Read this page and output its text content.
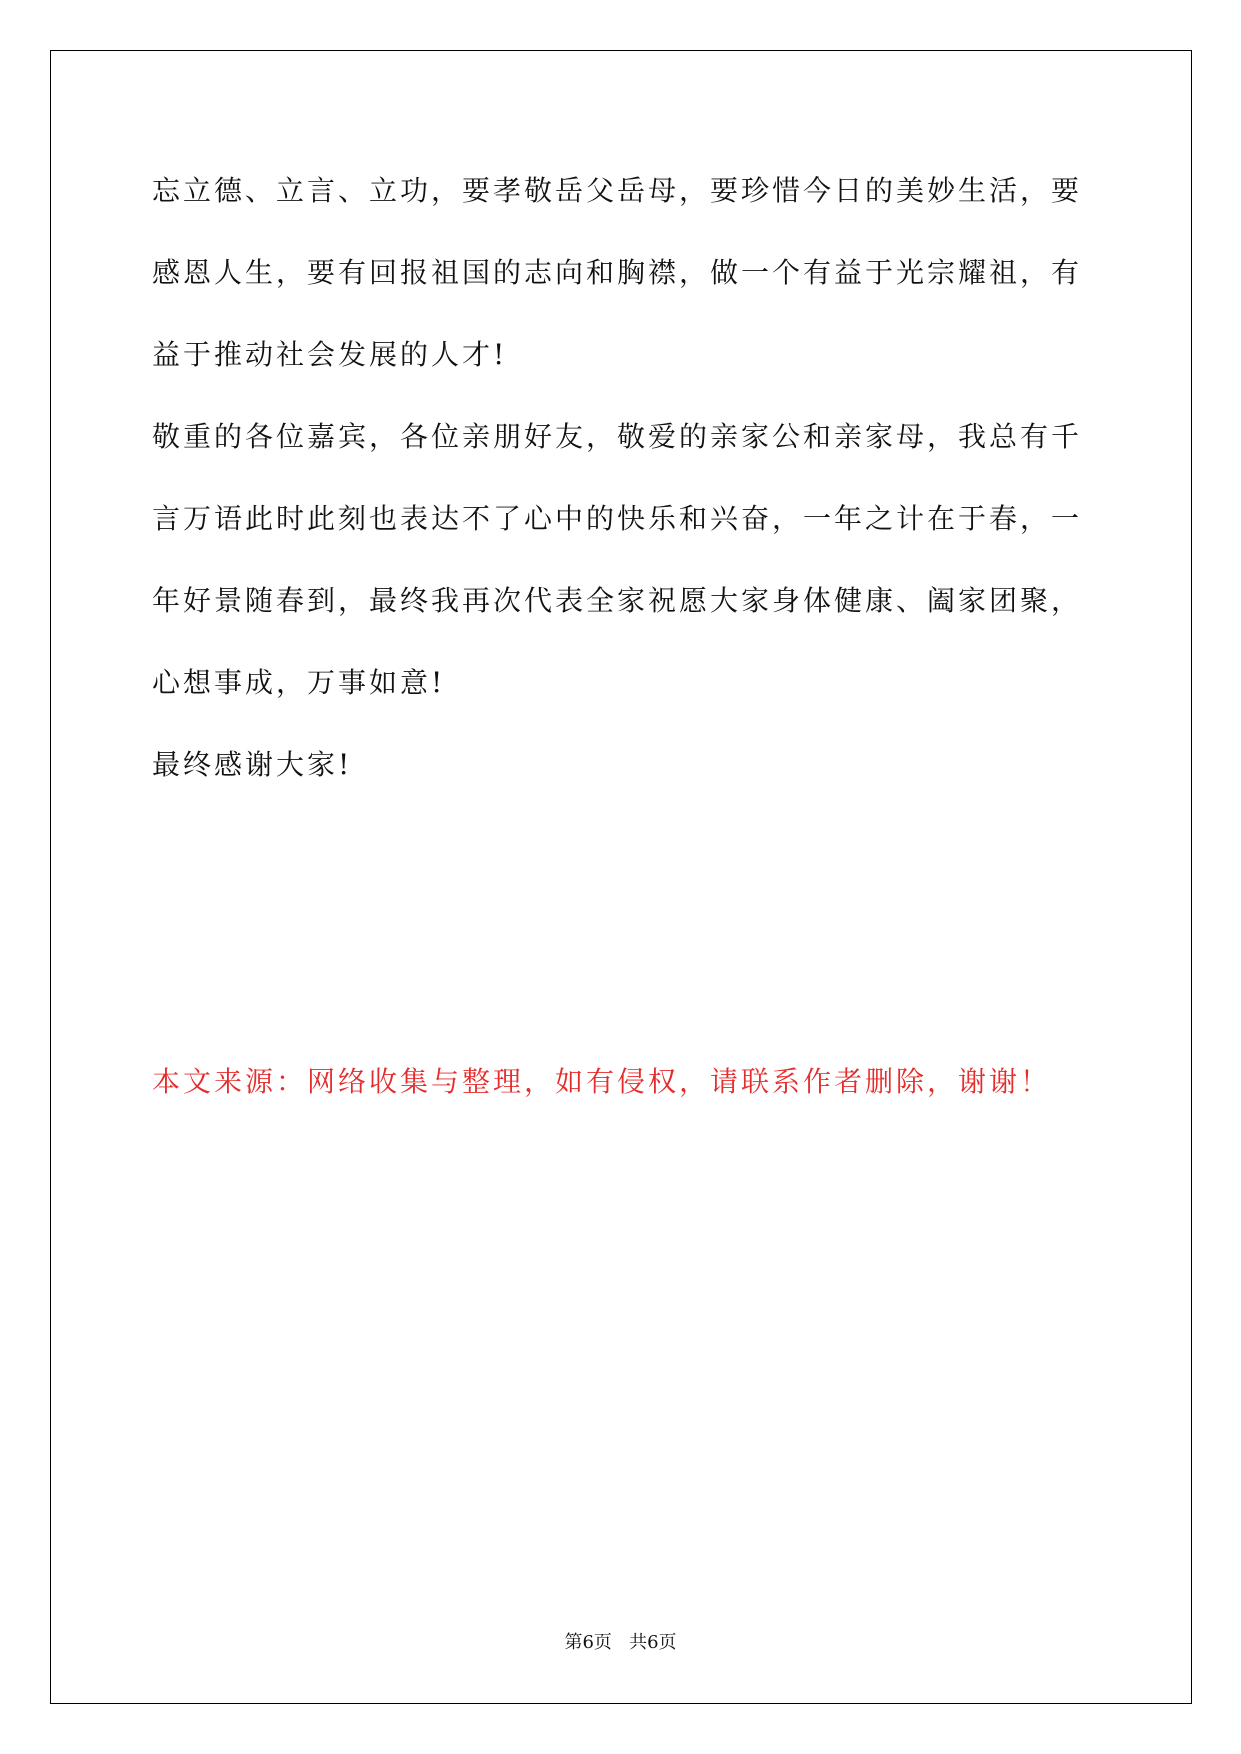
忘立德、立言、立功，要孝敬岳父岳母，要珍惜今日的美妙生活，要
感恩人生，要有回报祖国的志向和胸襟，做一个有益于光宗耀祖，有
益于推动社会发展的人才!
敬重的各位嘉宾，各位亲朋好友，敬爱的亲家公和亲家母，我总有千
言万语此时此刻也表达不了心中的快乐和兴奋，一年之计在于春，一
年好景随春到，最终我再次代表全家祝愿大家身体健康、阖家团聚，
心想事成，万事如意!
最终感谢大家!
本文来源：网络收集与整理，如有侵权，请联系作者删除，谢谢！
第6页   共6页
